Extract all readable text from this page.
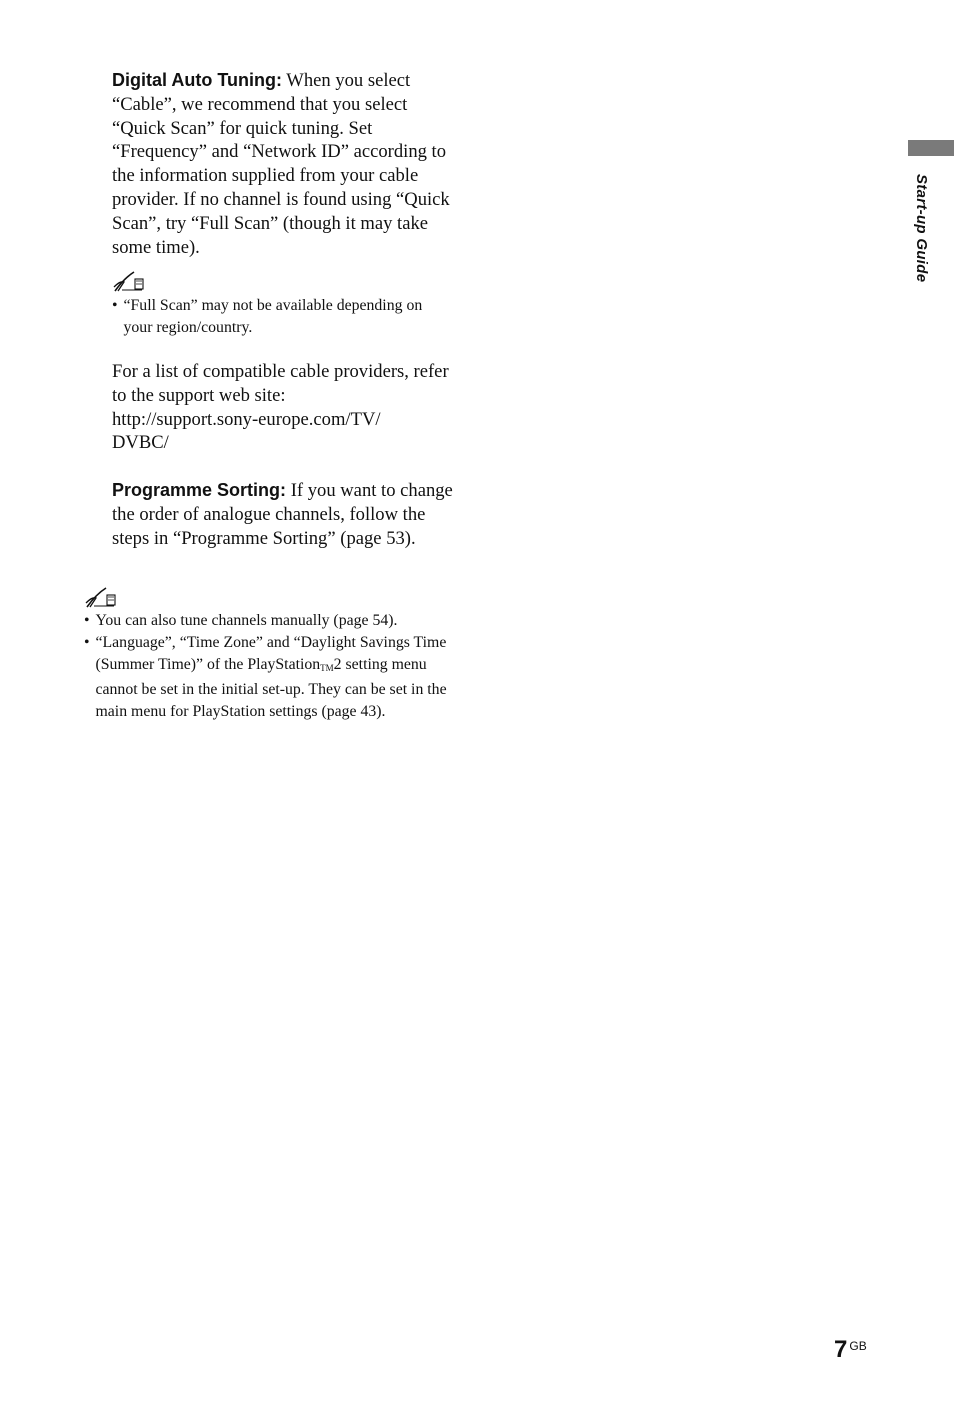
Digital Auto Tuning: When you select “Cable”, we recommend that you select “Quick Scan” for quick tuning. Set “Frequency” and “Network ID” according to the information supplied from your cable provider. If no channel is found using “Quick Scan”, try “Full Scan” (though it may take some time).

• “Full Scan” may not be available depending on your region/country.

For a list of compatible cable providers, refer to the support web site:
http://support.sony-europe.com/TV/
DVBC/

Programme Sorting: If you want to change the order of analogue channels, follow the steps in “Programme Sorting” (page 53).

• You can also tune channels manually (page 54).
• “Language”, “Time Zone” and “Daylight Savings Time (Summer Time)” of the PlayStationTM2 setting menu cannot be set in the initial set-up. They can be set in the main menu for PlayStation settings (page 43).
Start-up Guide
7 $^{GB}$
